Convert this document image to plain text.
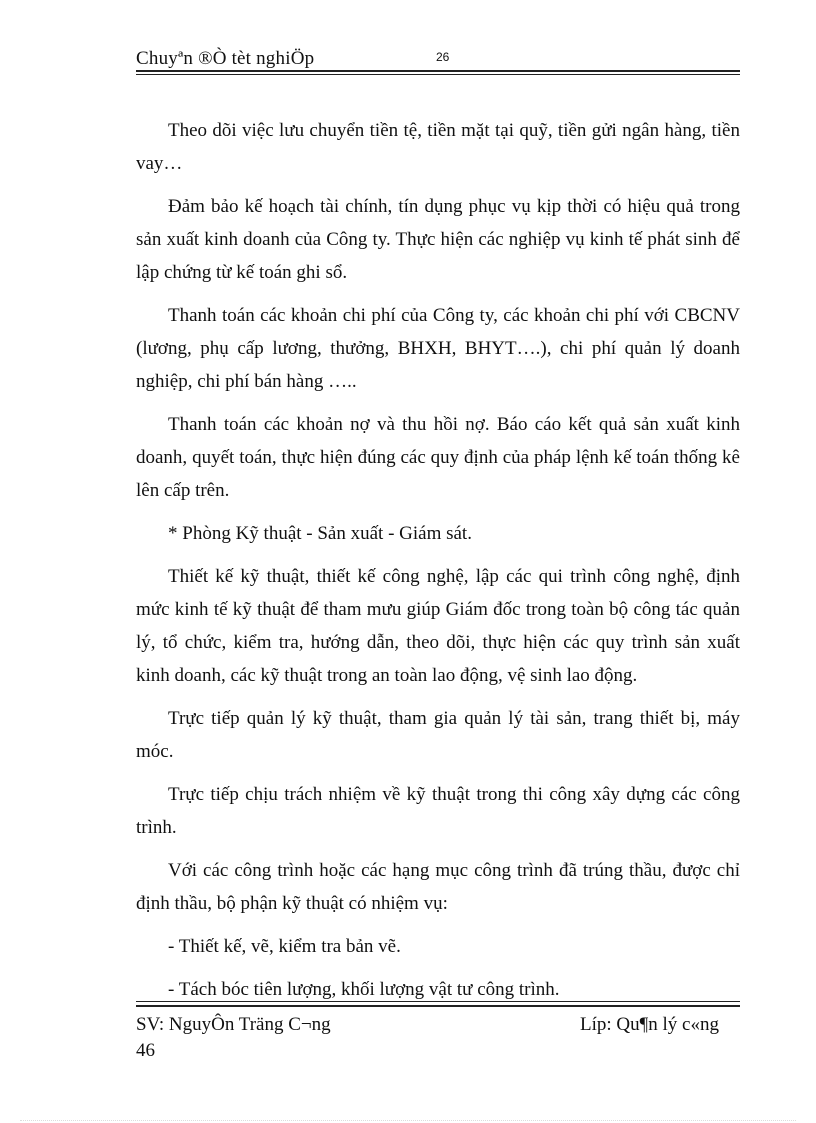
Chuyªn ®Ò tèt nghiÖp	26

Theo dõi việc lưu chuyển tiền tệ, tiền mặt tại quỹ, tiền gửi ngân hàng, tiền vay…

Đảm bảo kế hoạch tài chính, tín dụng phục vụ kịp thời có hiệu quả trong sản xuất kinh doanh của Công ty. Thực hiện các nghiệp vụ kinh tế phát sinh để lập chứng từ kế toán ghi sổ.

Thanh toán các khoản chi phí của Công ty, các khoản chi phí với CBCNV (lương, phụ cấp lương, thưởng, BHXH, BHYT….), chi phí quản lý doanh nghiệp, chi phí bán hàng …..

Thanh toán các khoản nợ và thu hồi nợ. Báo cáo kết quả sản xuất kinh doanh, quyết toán, thực hiện đúng các quy định của pháp lệnh kế toán thống kê lên cấp trên.

* Phòng Kỹ thuật - Sản xuất - Giám sát.

Thiết kế kỹ thuật, thiết kế công nghệ, lập các qui trình công nghệ, định mức kinh tế kỹ thuật để tham mưu giúp Giám đốc trong toàn bộ công tác quản lý, tổ chức, kiểm tra, hướng dẫn, theo dõi, thực hiện các quy trình sản xuất kinh doanh, các kỹ thuật trong an toàn lao động, vệ sinh lao động.

Trực tiếp quản lý kỹ thuật, tham gia quản lý tài sản, trang thiết bị, máy móc.

Trực tiếp chịu trách nhiệm về kỹ thuật trong thi công xây dựng các công trình.

Với các công trình hoặc các hạng mục công trình đã trúng thầu, được chỉ định thầu, bộ phận kỹ thuật có nhiệm vụ:

- Thiết kế, vẽ, kiểm tra bản vẽ.

- Tách bóc tiên lượng, khối lượng vật tư công trình.

SV: NguyÔn Träng C¬ng	Líp: Qu¶n lý c«ng
46
